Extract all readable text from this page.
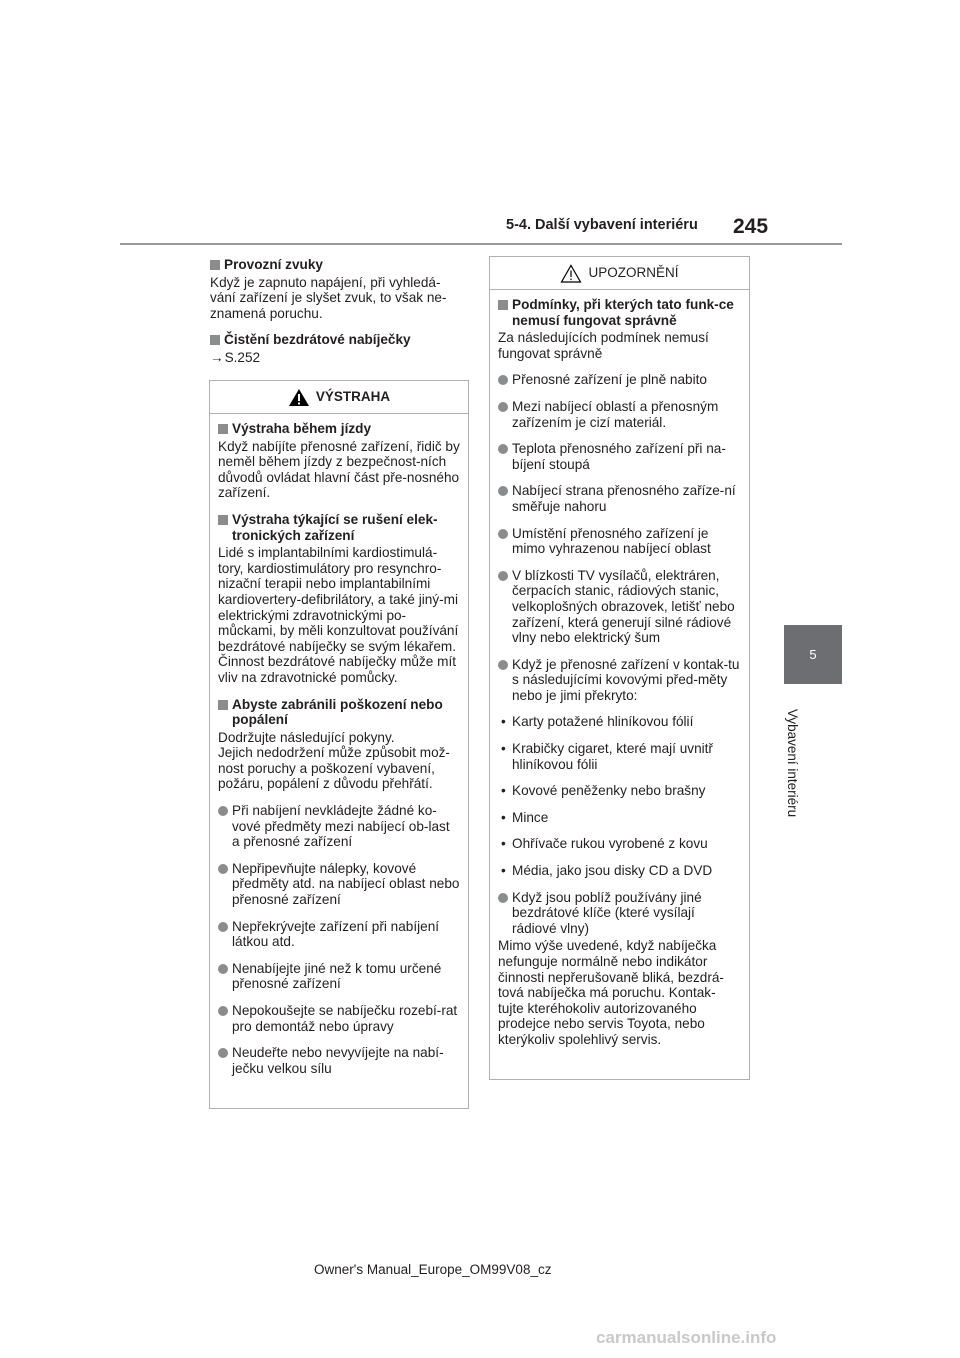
5-4. Další vybavení interiéru 245
5
Vybavení interiéru
Provozní zvuky
Když je zapnuto napájení, při vyhledá-vání zařízení je slyšet zvuk, to však ne-znamená poruchu.
Čistění bezdrátové nabíječky
→ S.252
VÝSTRAHA
Výstraha během jízdy
Když nabíjíte přenosné zařízení, řidič by neměl během jízdy z bezpečnost-ních důvodů ovládat hlavní část pře-nosného zařízení.
Výstraha týkající se rušení elek-tronických zařízení
Lidé s implantabilními kardiostimulá-tory, kardiostimulátory pro resynchro-nizační terapii nebo implantabilními kardiovertery-defibrilátory, a také jiný-mi elektrickými zdravotnickými po-můckami, by měli konzultovat používání bezdrátové nabíječky se svým lékařem.
Činnost bezdrátové nabíječky může mít vliv na zdravotnické pomůcky.
Abyste zabránili poškození nebo popálení
Dodržujte následující pokyny.
Jejich nedodržení může způsobit mož-nost poruchy a poškození vybavení, požáru, popálení z důvodu přehřátí.
Při nabíjení nevkládejte žádné ko-vové předměty mezi nabíjecí ob-last a přenosné zařízení
Nepřipevňujte nálepky, kovové předměty atd. na nabíjecí oblast nebo přenosné zařízení
Nepřekrývejte zařízení při nabíjení látkou atd.
Nenabíjejte jiné než k tomu určené přenosné zařízení
Nepokoušejte se nabíječku rozebí-rat pro demontáž nebo úpravy
Neudeřte nebo nevyvíjejte na nabí-ječku velkou sílu
UPOZORNĚNÍ
Podmínky, při kterých tato funk-ce nemusí fungovat správně
Za následujících podmínek nemusí fungovat správně
Přenosné zařízení je plně nabito
Mezi nabíjecí oblastí a přenosným zařízením je cizí materiál.
Teplota přenosného zařízení při na-bíjení stoupá
Nabíjecí strana přenosného zaříze-ní směřuje nahoru
Umístění přenosného zařízení je mimo vyhrazenou nabíjecí oblast
V blízkosti TV vysílačů, elektráren, čerpacích stanic, rádiových stanic, velkoplošných obrazovek, letišť nebo zařízení, která generují silné rádiové vlny nebo elektrický šum
Když je přenosné zařízení v kontak-tu s následujícími kovovými před-měty nebo je jimi překryto:
• Karty potažené hliníkovou fólií
• Krabičky cigaret, které mají uvnitř hliníkovou fólii
• Kovové peněženky nebo brašny
• Mince
• Ohřívače rukou vyrobené z kovu
• Média, jako jsou disky CD a DVD
Když jsou poblíž používány jiné bezdrátové klíče (které vysílají rádiové vlny)
Mimo výše uvedené, když nabíječka nefunguje normálně nebo indikátor činnosti nepřerušovaně bliká, bezdrá-tová nabíječka má poruchu. Kontak-tujte kteréhokoliv autorizovaného prodejce nebo servis Toyota, nebo kterýkoliv spolehlivý servis.
Owner's Manual_Europe_OM99V08_cz
carmanualsonline.info
